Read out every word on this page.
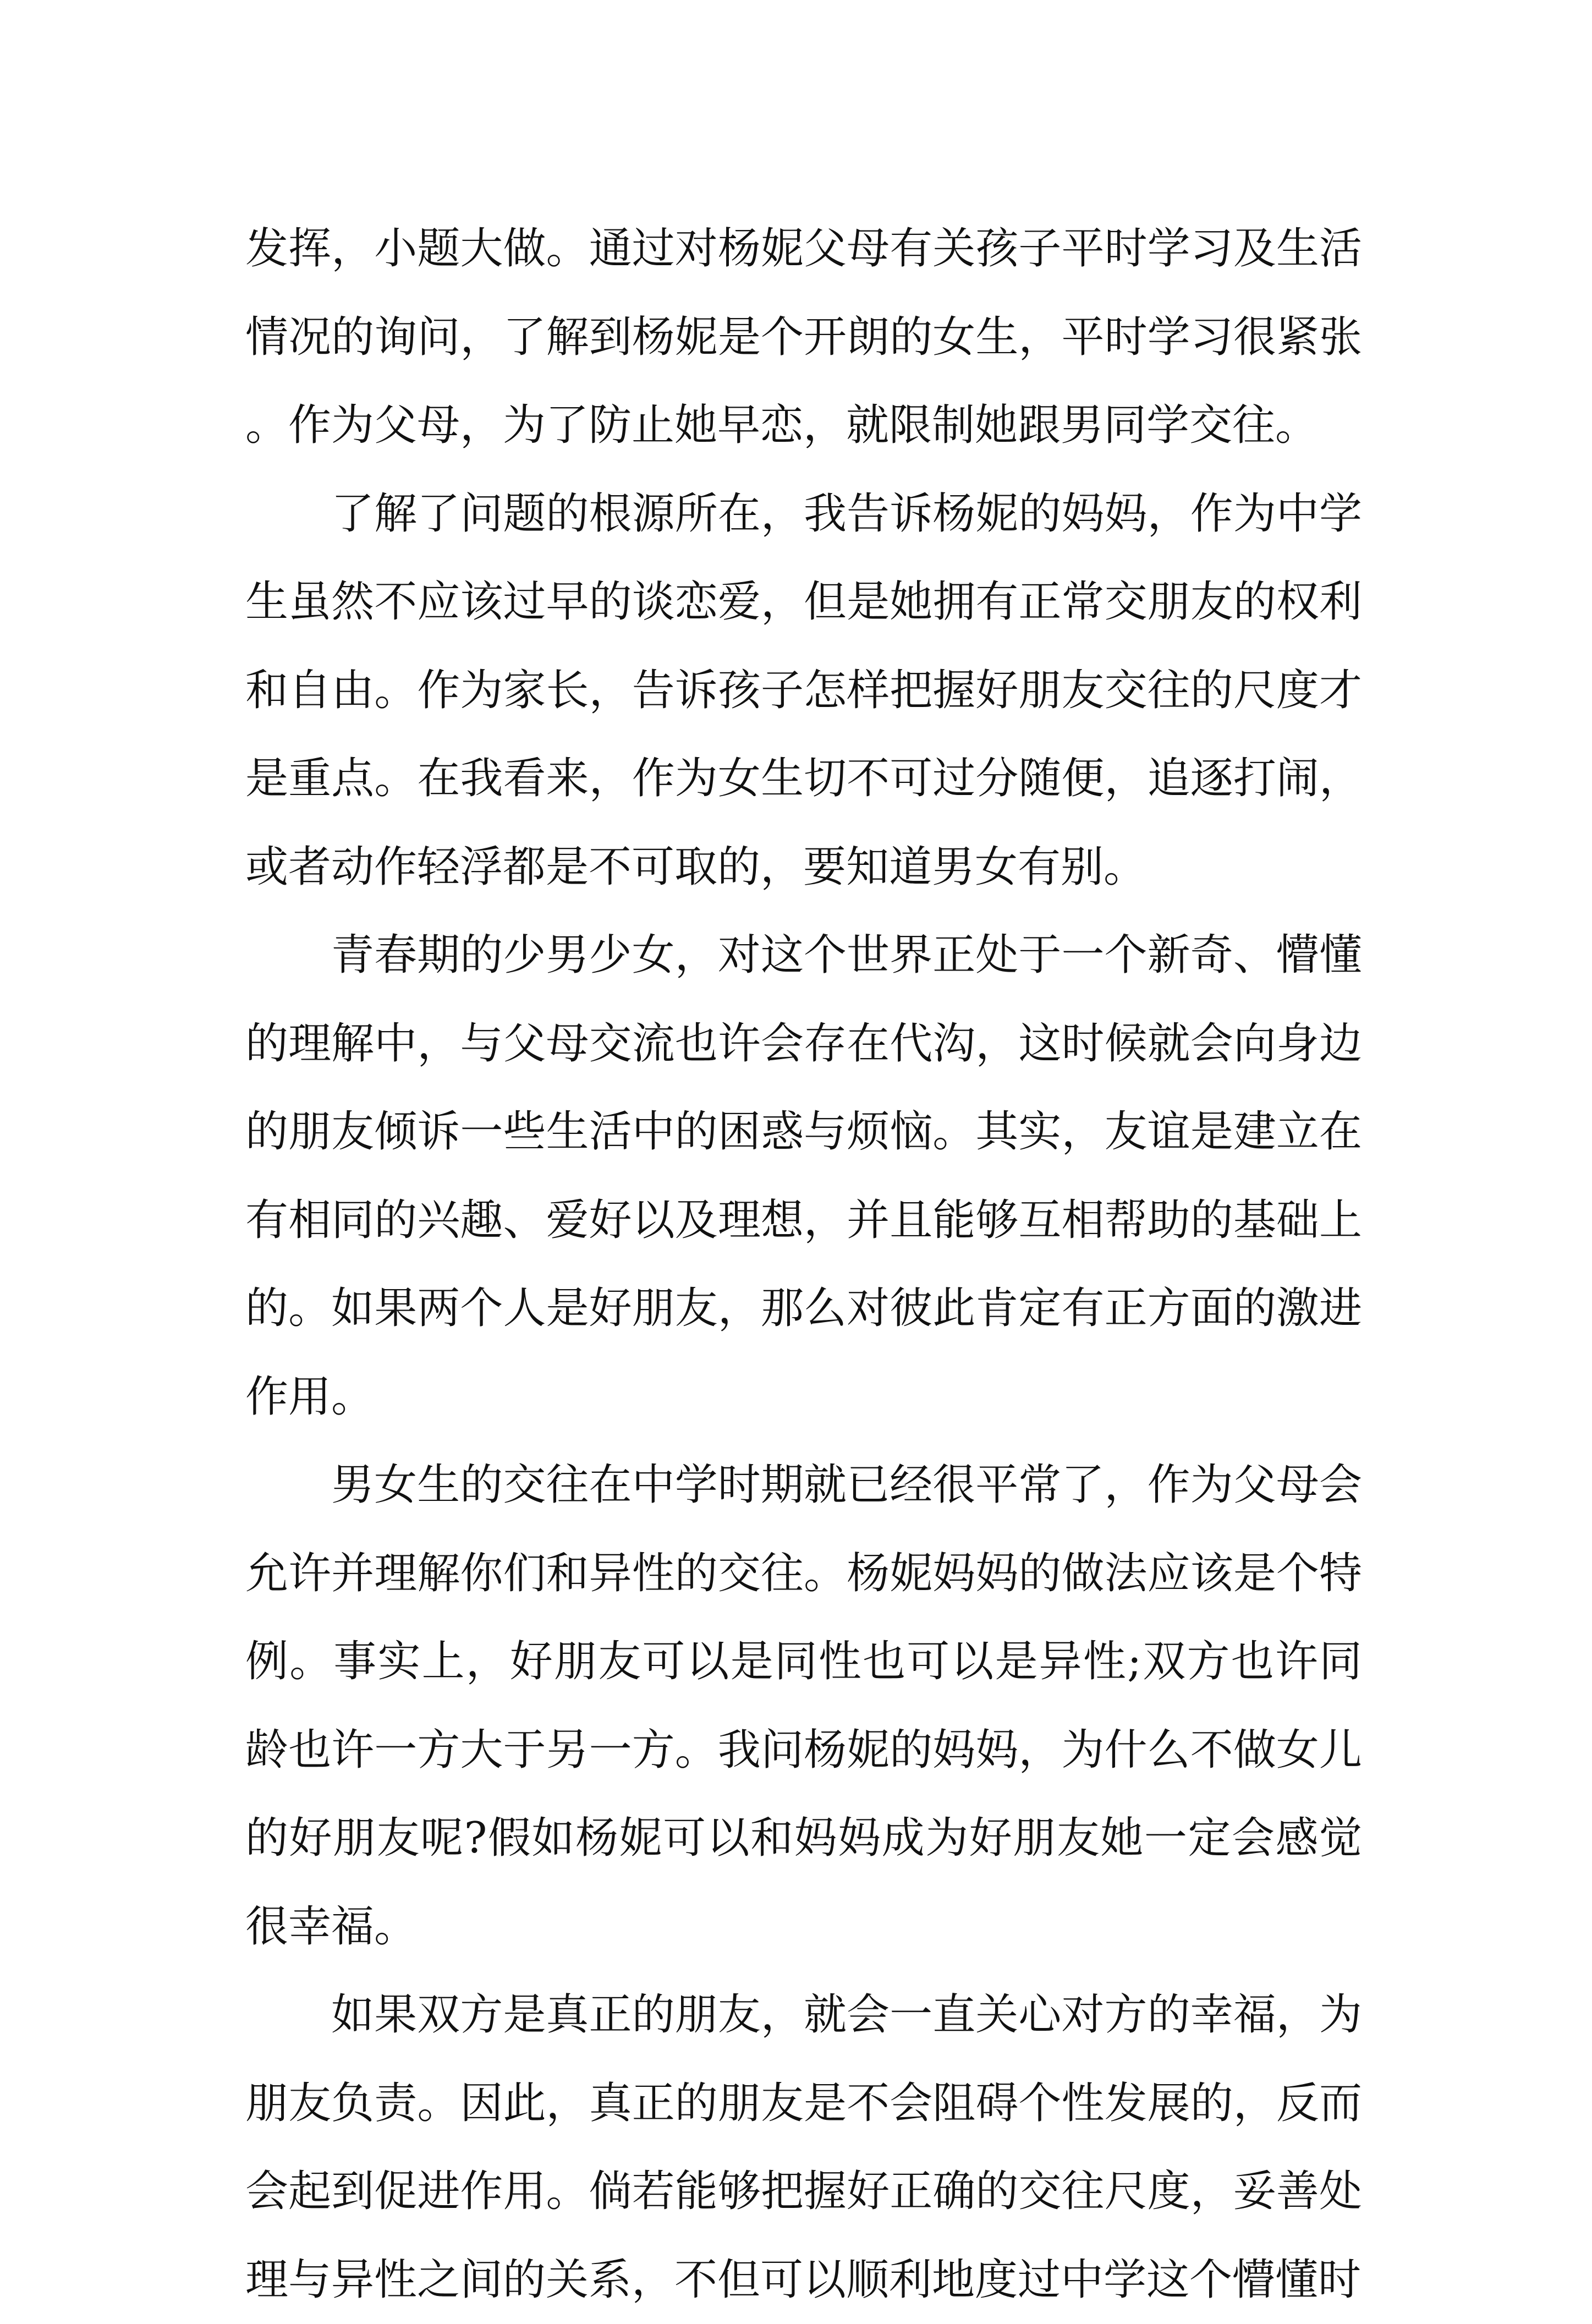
发挥，小题大做。通过对杨妮父母有关孩子平时学习及生活情况的询问，了解到杨妮是个开朗的女生，平时学习很紧张。作为父母，为了防止她早恋，就限制她跟男同学交往。

了解了问题的根源所在，我告诉杨妮的妈妈，作为中学生虽然不应该过早的谈恋爱，但是她拥有正常交朋友的权利和自由。作为家长，告诉孩子怎样把握好朋友交往的尺度才是重点。在我看来，作为女生切不可过分随便，追逐打闹，或者动作轻浮都是不可取的，要知道男女有别。

青春期的少男少女，对这个世界正处于一个新奇、懵懂的理解中，与父母交流也许会存在代沟，这时候就会向身边的朋友倾诉一些生活中的困惑与烦恼。其实，友谊是建立在有相同的兴趣、爱好以及理想，并且能够互相帮助的基础上的。如果两个人是好朋友，那么对彼此肯定有正方面的激进作用。

男女生的交往在中学时期就已经很平常了，作为父母会允许并理解你们和异性的交往。杨妮妈妈的做法应该是个特例。事实上，好朋友可以是同性也可以是异性;双方也许同龄也许一方大于另一方。我问杨妮的妈妈，为什么不做女儿的好朋友呢?假如杨妮可以和妈妈成为好朋友她一定会感觉很幸福。

如果双方是真正的朋友，就会一直关心对方的幸福，为朋友负责。因此，真正的朋友是不会阻碍个性发展的，反而会起到促进作用。倘若能够把握好正确的交往尺度，妥善处理与异性之间的关系，不但可以顺利地度过中学这个懵懂时
